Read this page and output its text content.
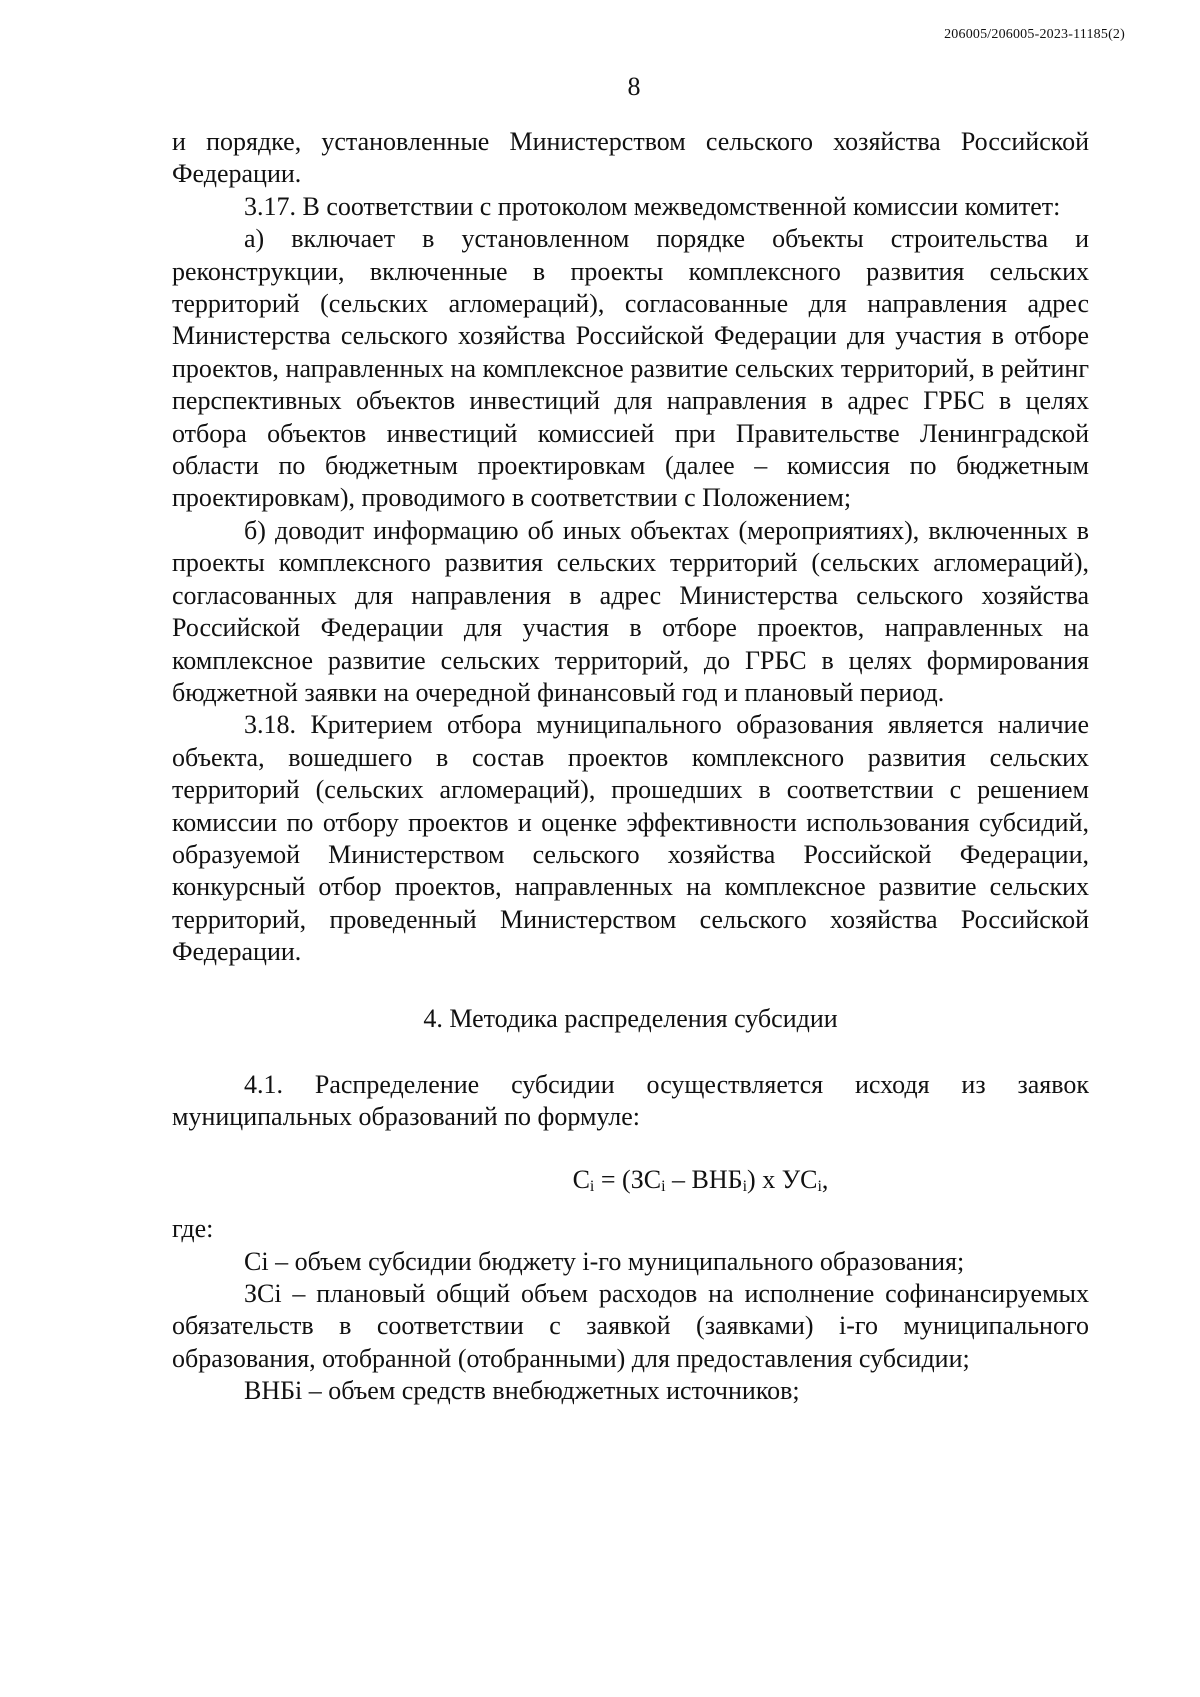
206005/206005-2023-11185(2)
8

и порядке, установленные Министерством сельского хозяйства Российской Федерации.

3.17. В соответствии с протоколом межведомственной комиссии комитет:

а) включает в установленном порядке объекты строительства и реконструкции, включенные в проекты комплексного развития сельских территорий (сельских агломераций), согласованные для направления адрес Министерства сельского хозяйства Российской Федерации для участия в отборе проектов, направленных на комплексное развитие сельских территорий, в рейтинг перспективных объектов инвестиций для направления в адрес ГРБС в целях отбора объектов инвестиций комиссией при Правительстве Ленинградской области по бюджетным проектировкам (далее – комиссия по бюджетным проектировкам), проводимого в соответствии с Положением;

б) доводит информацию об иных объектах (мероприятиях), включенных в проекты комплексного развития сельских территорий (сельских агломераций), согласованных для направления в адрес Министерства сельского хозяйства Российской Федерации для участия в отборе проектов, направленных на комплексное развитие сельских территорий, до ГРБС в целях формирования бюджетной заявки на очередной финансовый год и плановый период.

3.18. Критерием отбора муниципального образования является наличие объекта, вошедшего в состав проектов комплексного развития сельских территорий (сельских агломераций), прошедших в соответствии с решением комиссии по отбору проектов и оценке эффективности использования субсидий, образуемой Министерством сельского хозяйства Российской Федерации, конкурсный отбор проектов, направленных на комплексное развитие сельских территорий, проведенный Министерством сельского хозяйства Российской Федерации.

4. Методика распределения субсидии

4.1. Распределение субсидии осуществляется исходя из заявок муниципальных образований по формуле:

$C_i = (ЗС_i - ВНБ_i)$ х $УС_i$,

где:

Сi – объем субсидии бюджету i-го муниципального образования;

ЗСi – плановый общий объем расходов на исполнение софинансируемых обязательств в соответствии с заявкой (заявками) i-го муниципального образования, отобранной (отобранными) для предоставления субсидии;

ВНБi – объем средств внебюджетных источников;
